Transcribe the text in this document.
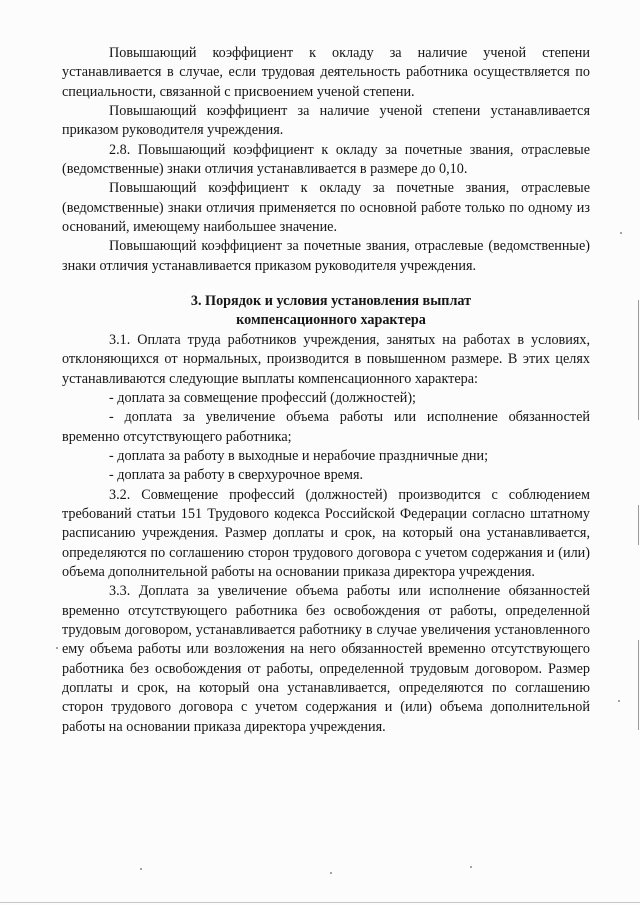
Повышающий коэффициент к окладу за наличие ученой степени устанавливается в случае, если трудовая деятельность работника осуществляется по специальности, связанной с присвоением ученой степени.

Повышающий коэффициент за наличие ученой степени устанавливается приказом руководителя учреждения.

2.8. Повышающий коэффициент к окладу за почетные звания, отраслевые (ведомственные) знаки отличия устанавливается в размере до 0,10.

Повышающий коэффициент к окладу за почетные звания, отраслевые (ведомственные) знаки отличия применяется по основной работе только по одному из оснований, имеющему наибольшее значение.

Повышающий коэффициент за почетные звания, отраслевые (ведомственные) знаки отличия устанавливается приказом руководителя учреждения.

3. Порядок и условия установления выплат компенсационного характера

3.1. Оплата труда работников учреждения, занятых на работах в условиях, отклоняющихся от нормальных, производится в повышенном размере. В этих целях устанавливаются следующие выплаты компенсационного характера:

- доплата за совмещение профессий (должностей);

- доплата за увеличение объема работы или исполнение обязанностей временно отсутствующего работника;

- доплата за работу в выходные и нерабочие праздничные дни;

- доплата за работу в сверхурочное время.

3.2. Совмещение профессий (должностей) производится с соблюдением требований статьи 151 Трудового кодекса Российской Федерации согласно штатному расписанию учреждения. Размер доплаты и срок, на который она устанавливается, определяются по соглашению сторон трудового договора с учетом содержания и (или) объема дополнительной работы на основании приказа директора учреждения.

3.3. Доплата за увеличение объема работы или исполнение обязанностей временно отсутствующего работника без освобождения от работы, определенной трудовым договором, устанавливается работнику в случае увеличения установленного ему объема работы или возложения на него обязанностей временно отсутствующего работника без освобождения от работы, определенной трудовым договором. Размер доплаты и срок, на который она устанавливается, определяются по соглашению сторон трудового договора с учетом содержания и (или) объема дополнительной работы на основании приказа директора учреждения.
